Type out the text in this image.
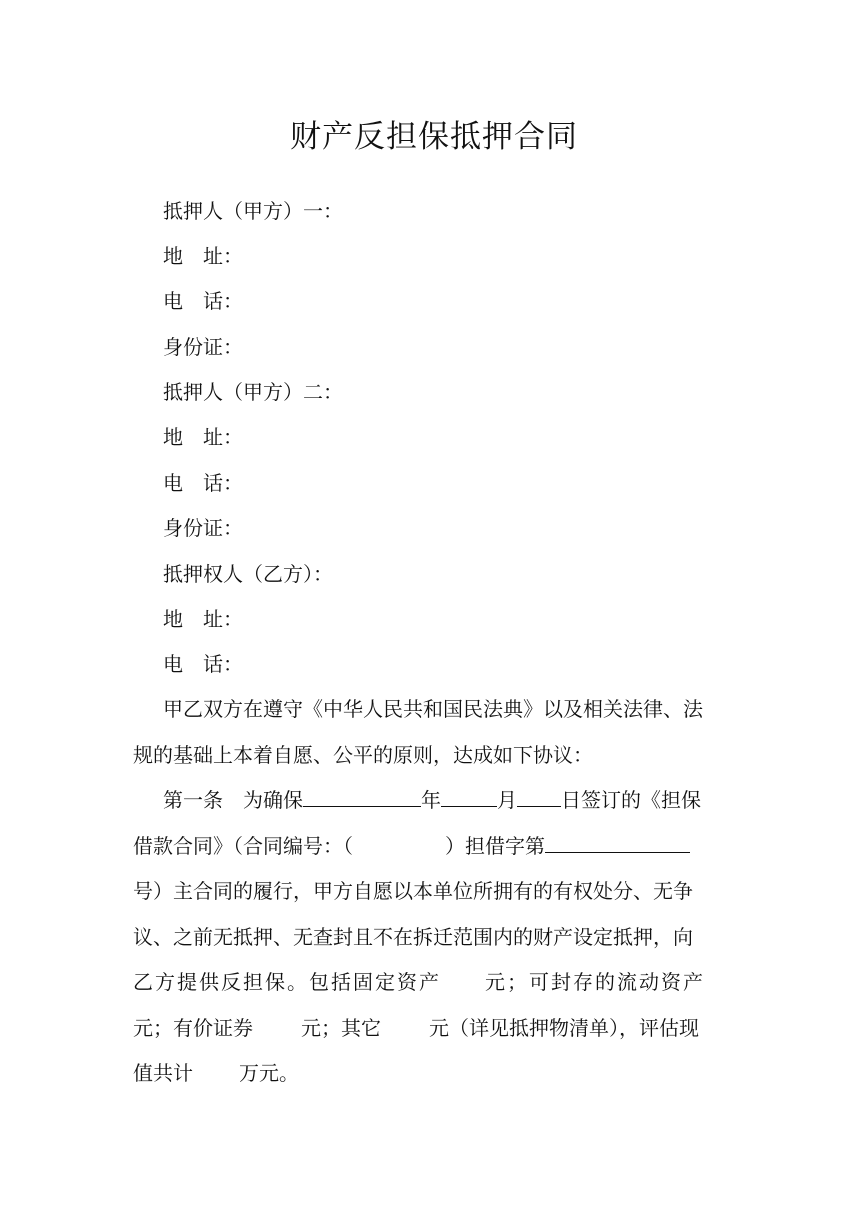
财产反担保抵押合同
抵押人（甲方）一：
地　址：
电　话：
身份证：
抵押人（甲方）二：
地　址：
电　话：
身份证：
抵押权人（乙方）：
地　址：
电　话：
甲乙双方在遵守《中华人民共和国民法典》以及相关法律、法
规的基础上本着自愿、公平的原则，达成如下协议：
第一条　为确保	年	月 日签订的《担保
借款合同》（合同编号：（	）担借字第
号）主合同的履行，甲方自愿以本单位所拥有的有权处分、无争
议、之前无抵押、无查封且不在拆迁范围内的财产设定抵押，向
乙方提供反担保。包括固定资产 元；可封存的流动资产
元；有价证券 元；其它 元（详见抵押物清单），评估现
值共计 万元。
